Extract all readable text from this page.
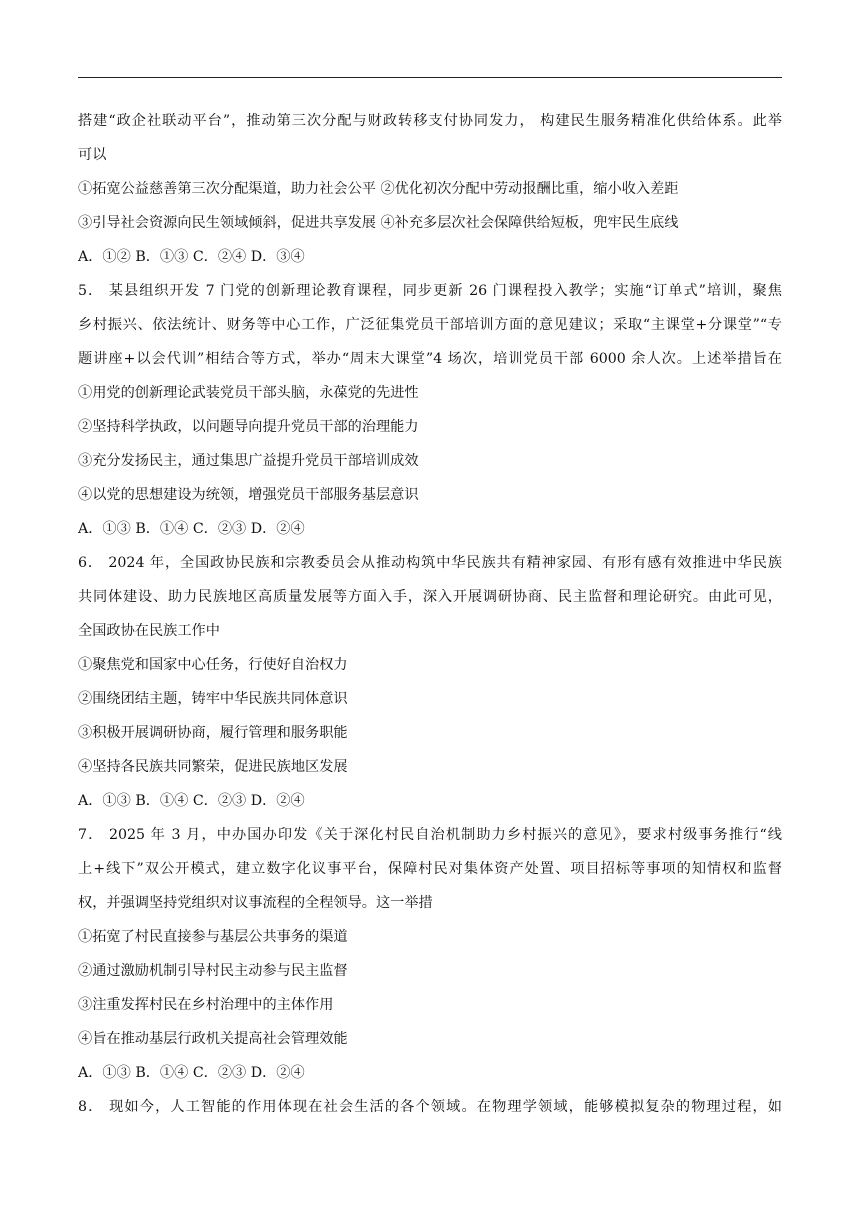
搭建“政企社联动平台”，推动第三次分配与财政转移支付协同发力， 构建民生服务精准化供给体系。此举
可以
①拓宽公益慈善第三次分配渠道，助力社会公平 ②优化初次分配中劳动报酬比重，缩小收入差距
③引导社会资源向民生领域倾斜，促进共享发展 ④补充多层次社会保障供给短板，兜牢民生底线
A．①② B．①③ C．②④ D．③④
5． 某县组织开发 7 门党的创新理论教育课程，同步更新 26 门课程投入教学；实施“订单式”培训，聚焦
乡村振兴、依法统计、财务等中心工作，广泛征集党员干部培训方面的意见建议；采取“主课堂+分课堂”“专
题讲座+以会代训”相结合等方式，举办“周末大课堂”4 场次，培训党员干部 6000 余人次。上述举措旨在
①用党的创新理论武装党员干部头脑，永葆党的先进性
②坚持科学执政，以问题导向提升党员干部的治理能力
③充分发扬民主，通过集思广益提升党员干部培训成效
④以党的思想建设为统领，增强党员干部服务基层意识
A．①③ B．①④ C．②③ D．②④
6． 2024 年，全国政协民族和宗教委员会从推动构筑中华民族共有精神家园、有形有感有效推进中华民族
共同体建设、助力民族地区高质量发展等方面入手，深入开展调研协商、民主监督和理论研究。由此可见，
全国政协在民族工作中
①聚焦党和国家中心任务，行使好自治权力
②围绕团结主题，铸牢中华民族共同体意识
③积极开展调研协商，履行管理和服务职能
④坚持各民族共同繁荣，促进民族地区发展
A．①③ B．①④ C．②③ D．②④
7． 2025 年 3 月，中办国办印发《关于深化村民自治机制助力乡村振兴的意见》，要求村级事务推行“线
上+线下”双公开模式，建立数字化议事平台，保障村民对集体资产处置、项目招标等事项的知情权和监督
权，并强调坚持党组织对议事流程的全程领导。这一举措
①拓宽了村民直接参与基层公共事务的渠道
②通过激励机制引导村民主动参与民主监督
③注重发挥村民在乡村治理中的主体作用
④旨在推动基层行政机关提高社会管理效能
A．①③ B．①④ C．②③ D．②④
8． 现如今，人工智能的作用体现在社会生活的各个领域。在物理学领域，能够模拟复杂的物理过程，如
